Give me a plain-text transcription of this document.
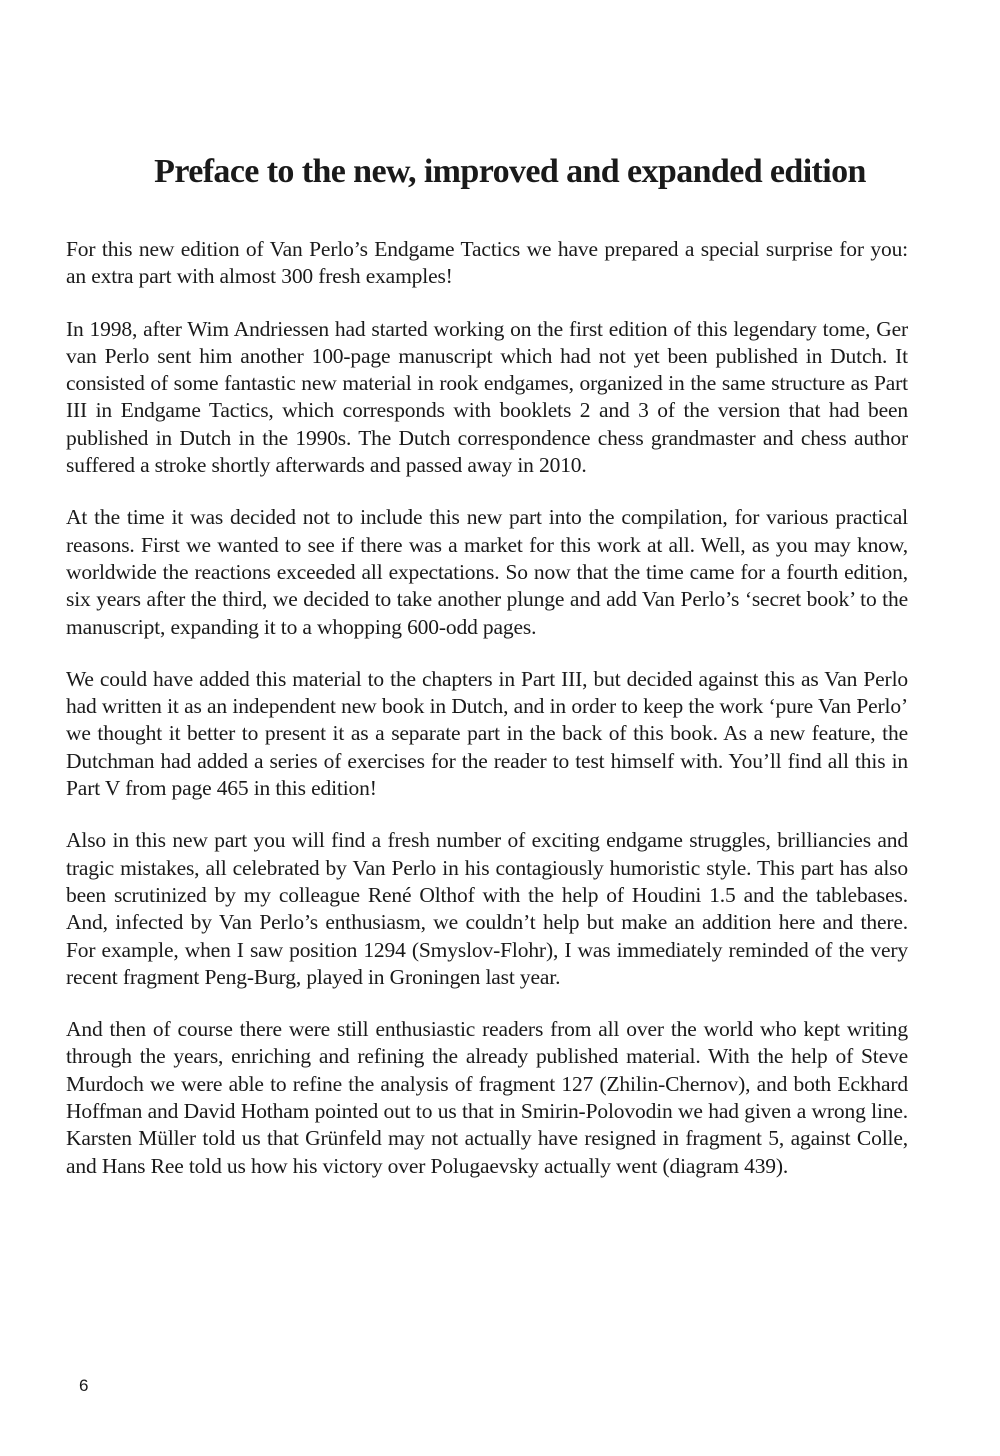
Preface to the new, improved and expanded edition

For this new edition of Van Perlo’s Endgame Tactics we have prepared a special surprise for you: an extra part with almost 300 fresh examples!

In 1998, after Wim Andriessen had started working on the first edition of this legendary tome, Ger van Perlo sent him another 100-page manuscript which had not yet been published in Dutch. It consisted of some fantastic new material in rook endgames, organized in the same structure as Part III in Endgame Tactics, which corresponds with booklets 2 and 3 of the version that had been published in Dutch in the 1990s. The Dutch correspondence chess grandmaster and chess author suffered a stroke shortly afterwards and passed away in 2010.

At the time it was decided not to include this new part into the compilation, for various practical reasons. First we wanted to see if there was a market for this work at all. Well, as you may know, worldwide the reactions exceeded all expectations. So now that the time came for a fourth edition, six years after the third, we decided to take another plunge and add Van Perlo’s ‘secret book’ to the manuscript, expanding it to a whopping 600-odd pages.

We could have added this material to the chapters in Part III, but decided against this as Van Perlo had written it as an independent new book in Dutch, and in order to keep the work ‘pure Van Perlo’ we thought it better to present it as a separate part in the back of this book. As a new feature, the Dutchman had added a series of exercises for the reader to test himself with. You’ll find all this in Part V from page 465 in this edition!

Also in this new part you will find a fresh number of exciting endgame struggles, brilliancies and tragic mistakes, all celebrated by Van Perlo in his contagiously humoristic style. This part has also been scrutinized by my colleague René Olthof with the help of Houdini 1.5 and the tablebases. And, infected by Van Perlo’s enthusiasm, we couldn’t help but make an addition here and there. For example, when I saw position 1294 (Smyslov-Flohr), I was immediately reminded of the very recent fragment Peng-Burg, played in Groningen last year.

And then of course there were still enthusiastic readers from all over the world who kept writing through the years, enriching and refining the already published material. With the help of Steve Murdoch we were able to refine the analysis of fragment 127 (Zhilin-Chernov), and both Eckhard Hoffman and David Hotham pointed out to us that in Smirin-Polovodin we had given a wrong line. Karsten Müller told us that Grünfeld may not actually have resigned in fragment 5, against Colle, and Hans Ree told us how his victory over Polugaevsky actually went (diagram 439).

6
